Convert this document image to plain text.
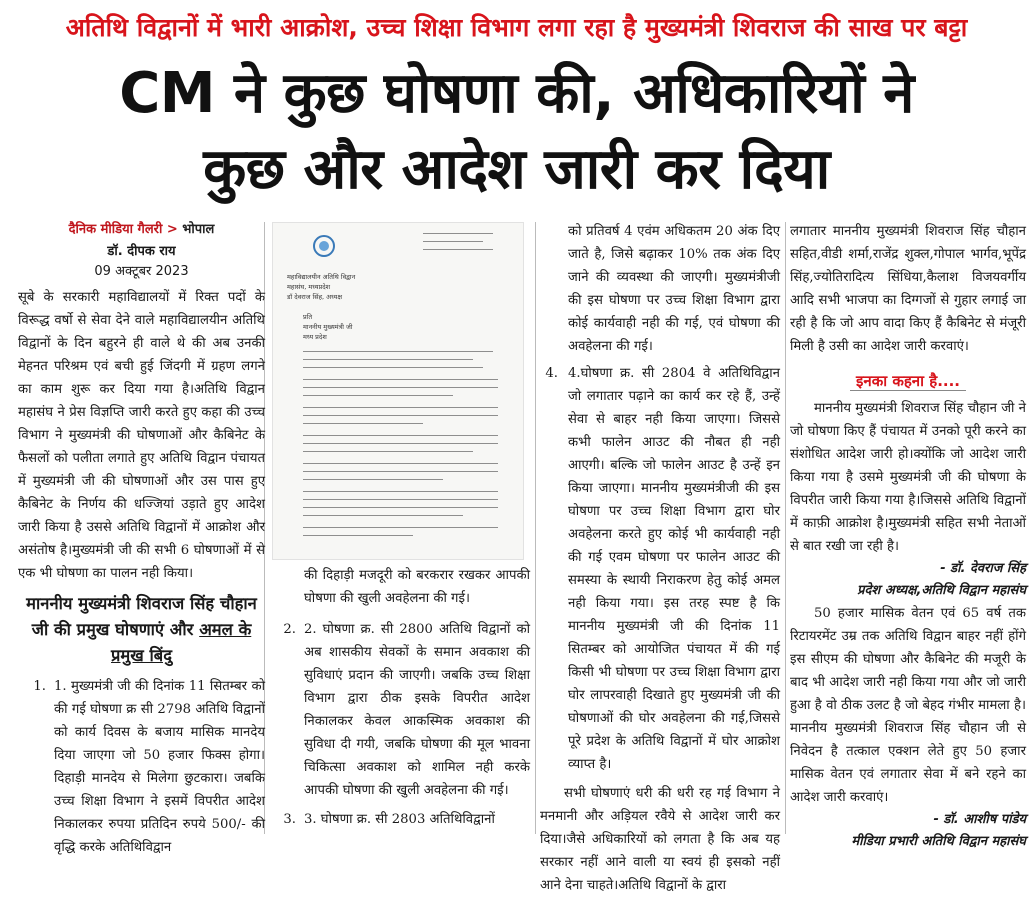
अतिथि विद्वानों में भारी आक्रोश, उच्च शिक्षा विभाग लगा रहा है मुख्यमंत्री शिवराज की साख पर बट्टा
CM ने कुछ घोषणा की, अधिकारियों ने
कुछ और आदेश जारी कर दिया
दैनिक मीडिया गैलरी > भोपाल
डॉ. दीपक राय
09 अक्टूबर 2023

सूबे के सरकारी महाविद्यालयों में रिक्त पदों के विरूद्ध वर्षो से सेवा देने वाले महाविद्यालयीन अतिथि विद्वानों के दिन बहुरने ही वाले थे की अब उनकी मेहनत परिश्रम एवं बची हुई जिंदगी में ग्रहण लगने का काम शुरू कर दिया गया है।अतिथि विद्वान महासंघ ने प्रेस विज्ञप्ति जारी करते हुए कहा की उच्च विभाग ने मुख्यमंत्री की घोषणाओं और कैबिनेट के फैसलों को पलीता लगाते हुए अतिथि विद्वान पंचायत में मुख्यमंत्री जी की घोषणाओं और उस पास हुए कैबिनेट के निर्णय की धज्जियां उड़ाते हुए आदेश जारी किया है उससे अतिथि विद्वानों में आक्रोश और असंतोष है।मुख्यमंत्री जी की सभी 6 घोषणाओं में से एक भी घोषणा का पालन नही किया।

माननीय मुख्यमंत्री शिवराज सिंह चौहान जी की प्रमुख घोषणाएं और अमल के प्रमुख बिंदु
1. 1. मुख्यमंत्री जी की दिनांक 11 सितम्बर को की गई घोषणा क्र सी 2798 अतिथि विद्वानों को कार्य दिवस के बजाय मासिक मानदेय दिया जाएगा जो 50 हजार फिक्स होगा।दिहाड़ी मानदेय से मिलेगा छुटकारा। जबकि उच्च शिक्षा विभाग ने इसमें विपरीत आदेश निकालकर रुपया प्रतिदिन रुपये 500/- की वृद्धि करके अतिथिविद्वान

महाविद्यालयीन अतिथि विद्वान
महासंघ, मध्यप्रदेश
डॉ देवराज सिंह, अध्यक्ष
प्रति
माननीय मुख्यमंत्री जी
मध्य प्रदेश

की दिहाड़ी मजदूरी को बरकरार रखकर आपकी घोषणा की खुली अवहेलना की गई।

2. 2. घोषणा क्र. सी 2800 अतिथि विद्वानों को अब शासकीय सेवकों के समान अवकाश की सुविधाएं प्रदान की जाएगी। जबकि उच्च शिक्षा विभाग द्वारा ठीक इसके विपरीत आदेश निकालकर केवल आकस्मिक अवकाश की सुविधा दी गयी, जबकि घोषणा की मूल भावना चिकित्सा अवकाश को शामिल नही करके आपकी घोषणा की खुली अवहेलना की गई।

3. 3. घोषणा क्र. सी 2803 अतिथिविद्वानों

को प्रतिवर्ष 4 एवंम अधिकतम 20 अंक दिए जाते है, जिसे बढ़ाकर 10% तक अंक दिए जाने की व्यवस्था की जाएगी। मुख्यमंत्रीजी की इस घोषणा पर उच्च शिक्षा विभाग द्वारा कोई कार्यवाही नही की गई, एवं घोषणा की अवहेलना की गई।

4. 4.घोषणा क्र. सी 2804 वे अतिथिविद्वान जो लगातार पढ़ाने का कार्य कर रहे हैं, उन्हें सेवा से बाहर नही किया जाएगा। जिससे कभी फालेन आउट की नौबत ही नही आएगी। बल्कि जो फालेन आउट है उन्हें इन किया जाएगा। माननीय मुख्यमंत्रीजी की इस घोषणा पर उच्च शिक्षा विभाग द्वारा घोर अवहेलना करते हुए कोई भी कार्यवाही नही की गई एवम घोषणा पर फालेन आउट की समस्या के स्थायी निराकरण हेतु कोई अमल नही किया गया। इस तरह स्पष्ट है कि माननीय मुख्यमंत्री जी की दिनांक 11 सितम्बर को आयोजित पंचायत में की गई किसी भी घोषणा पर उच्च शिक्षा विभाग द्वारा घोर लापरवाही दिखाते हुए मुख्यमंत्री जी की घोषणाओं की घोर अवहेलना की गई,जिससे पूरे प्रदेश के अतिथि विद्वानों में घोर आक्रोश व्याप्त है।

सभी घोषणाएं धरी की धरी रह गई विभाग ने मनमानी और अड़ियल रवैये से आदेश जारी कर दिया।जैसे अधिकारियों को लगता है कि अब यह सरकार नहीं आने वाली या स्वयं ही इसको नहीं आने देना चाहते।अतिथि विद्वानों के द्वारा

लगातार माननीय मुख्यमंत्री शिवराज सिंह चौहान सहित,वीडी शर्मा,राजेंद्र शुक्ल,गोपाल भार्गव,भूपेंद्र सिंह,ज्योतिरादित्य सिंधिया,कैलाश विजयवर्गीय आदि सभी भाजपा का दिग्गजों से गुहार लगाई जा रही है कि जो आप वादा किए हैं कैबिनेट से मंजूरी मिली है उसी का आदेश जारी करवाएं।

इनका कहना है....

माननीय मुख्यमंत्री शिवराज सिंह चौहान जी ने जो घोषणा किए हैं पंचायत में उनको पूरी करने का संशोधित आदेश जारी हो।क्योंकि जो आदेश जारी किया गया है उसमे मुख्यमंत्री जी की घोषणा के विपरीत जारी किया गया है।जिससे अतिथि विद्वानों में काफ़ी आक्रोश है।मुख्यमंत्री सहित सभी नेताओं से बात रखी जा रही है।

- डॉ. देवराज सिंह
प्रदेश अध्यक्ष,अतिथि विद्वान महासंघ

50 हजार मासिक वेतन एवं 65 वर्ष तक रिटायरमेंट उम्र तक अतिथि विद्वान बाहर नहीं होंगे इस सीएम की घोषणा और कैबिनेट की मजूरी के बाद भी आदेश जारी नही किया गया और जो जारी हुआ है वो ठीक उलट है जो बेहद गंभीर मामला है।माननीय मुख्यमंत्री शिवराज सिंह चौहान जी से निवेदन है तत्काल एक्शन लेते हुए 50 हजार मासिक वेतन एवं लगातार सेवा में बने रहने का आदेश जारी करवाएं।

- डॉ. आशीष पांडेय
मीडिया प्रभारी अतिथि विद्वान महासंघ
